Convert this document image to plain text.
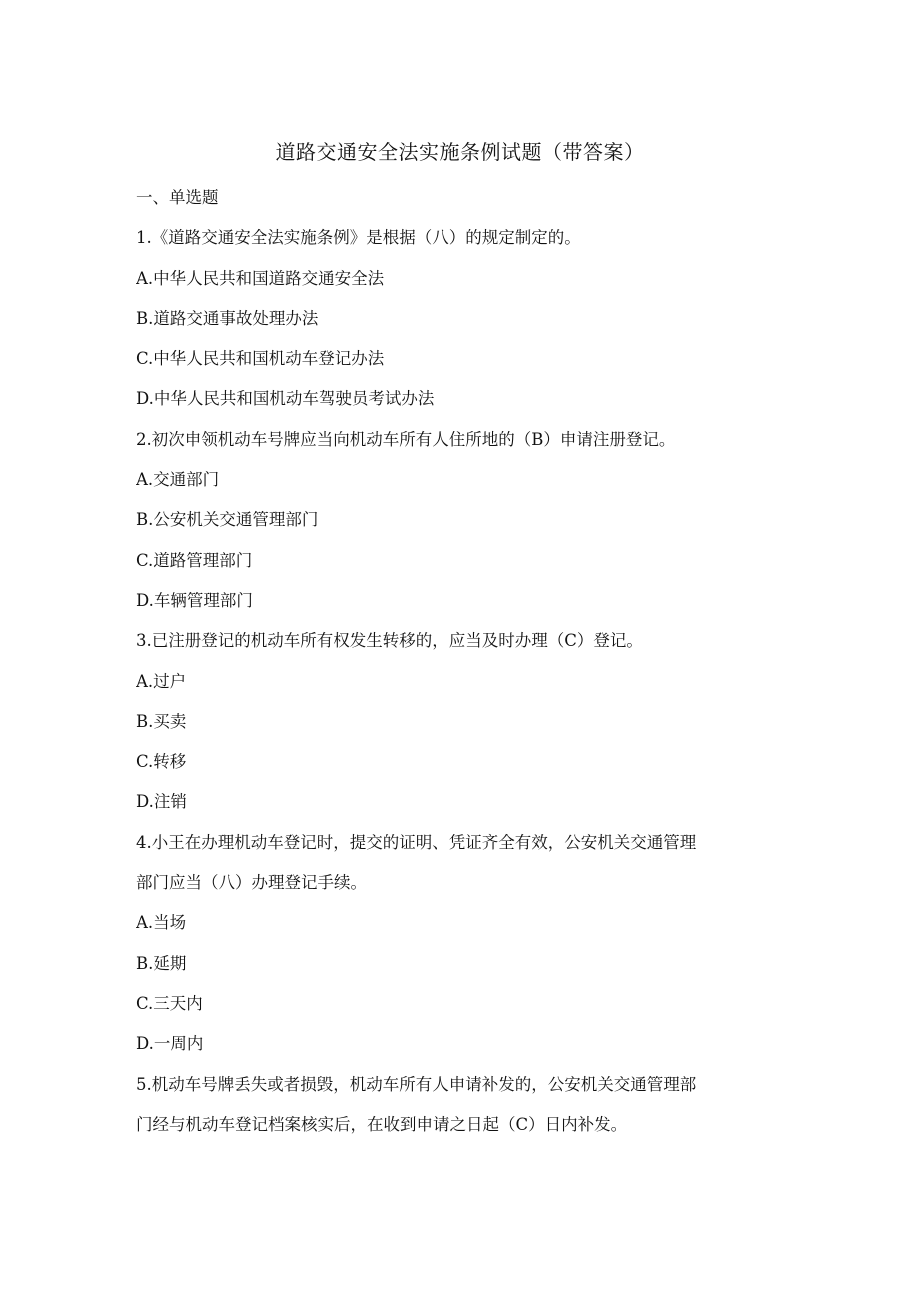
道路交通安全法实施条例试题（带答案）
一、单选题
1.《道路交通安全法实施条例》是根据（八）的规定制定的。
A.中华人民共和国道路交通安全法
B.道路交通事故处理办法
C.中华人民共和国机动车登记办法
D.中华人民共和国机动车驾驶员考试办法
2.初次申领机动车号牌应当向机动车所有人住所地的（B）申请注册登记。
A.交通部门
B.公安机关交通管理部门
C.道路管理部门
D.车辆管理部门
3.已注册登记的机动车所有权发生转移的，应当及时办理（C）登记。
A.过户
B.买卖
C.转移
D.注销
4.小王在办理机动车登记时，提交的证明、凭证齐全有效，公安机关交通管理
部门应当（八）办理登记手续。
A.当场
B.延期
C.三天内
D.一周内
5.机动车号牌丢失或者损毁，机动车所有人申请补发的，公安机关交通管理部
门经与机动车登记档案核实后，在收到申请之日起（C）日内补发。
